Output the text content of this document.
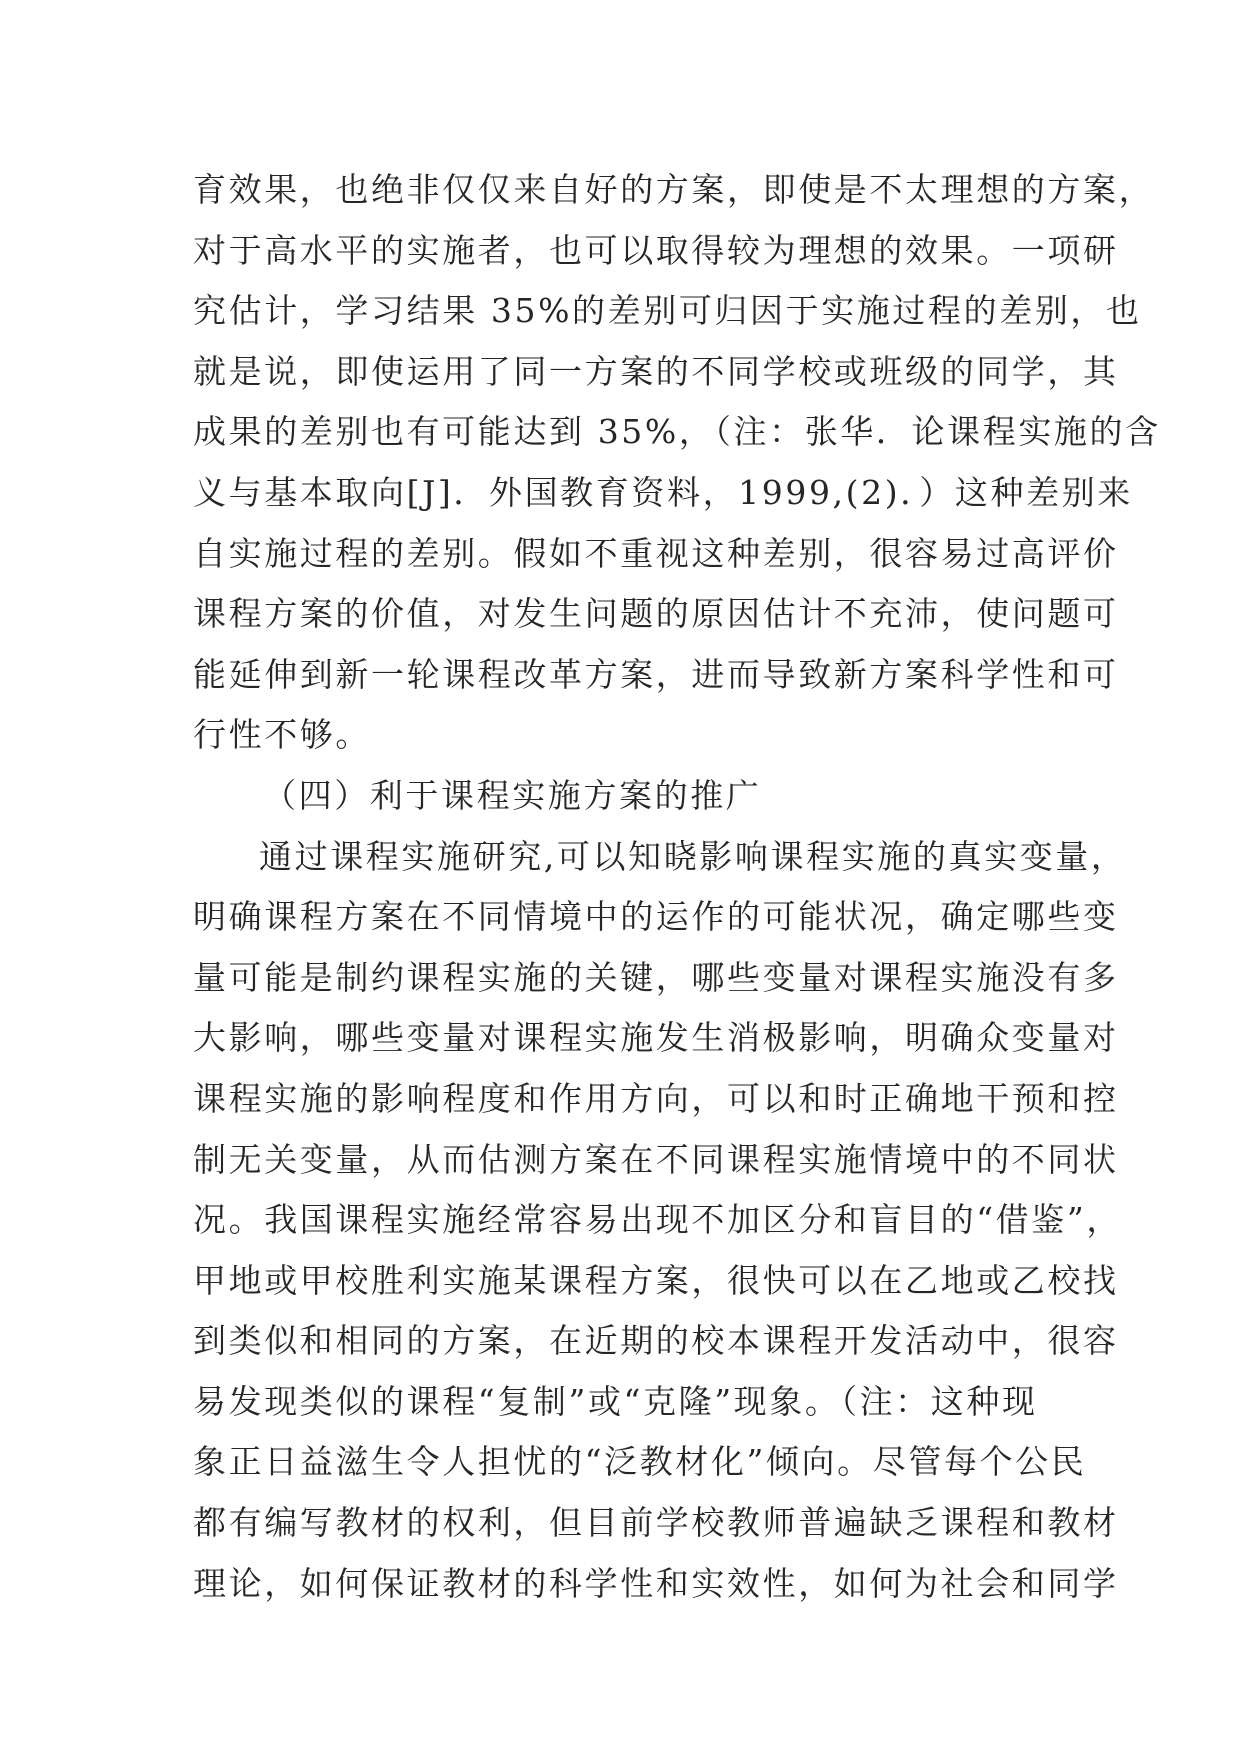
育效果，也绝非仅仅来自好的方案，即使是不太理想的方案，
对于高水平的实施者，也可以取得较为理想的效果。一项研
究估计，学习结果 35%的差别可归因于实施过程的差别，也
就是说，即使运用了同一方案的不同学校或班级的同学，其
成果的差别也有可能达到 35%，（注：张华．论课程实施的含
义与基本取向[J]．外国教育资料，1999,(2)．）这种差别来
自实施过程的差别。假如不重视这种差别，很容易过高评价
课程方案的价值，对发生问题的原因估计不充沛，使问题可
能延伸到新一轮课程改革方案，进而导致新方案科学性和可
行性不够。
（四）利于课程实施方案的推广
通过课程实施研究,可以知晓影响课程实施的真实变量，
明确课程方案在不同情境中的运作的可能状况，确定哪些变
量可能是制约课程实施的关键，哪些变量对课程实施没有多
大影响，哪些变量对课程实施发生消极影响，明确众变量对
课程实施的影响程度和作用方向，可以和时正确地干预和控
制无关变量，从而估测方案在不同课程实施情境中的不同状
况。我国课程实施经常容易出现不加区分和盲目的“借鉴”，
甲地或甲校胜利实施某课程方案，很快可以在乙地或乙校找
到类似和相同的方案，在近期的校本课程开发活动中，很容
易发现类似的课程“复制”或“克隆”现象。（注：这种现
象正日益滋生令人担忧的“泛教材化”倾向。尽管每个公民
都有编写教材的权利，但目前学校教师普遍缺乏课程和教材
理论，如何保证教材的科学性和实效性，如何为社会和同学
